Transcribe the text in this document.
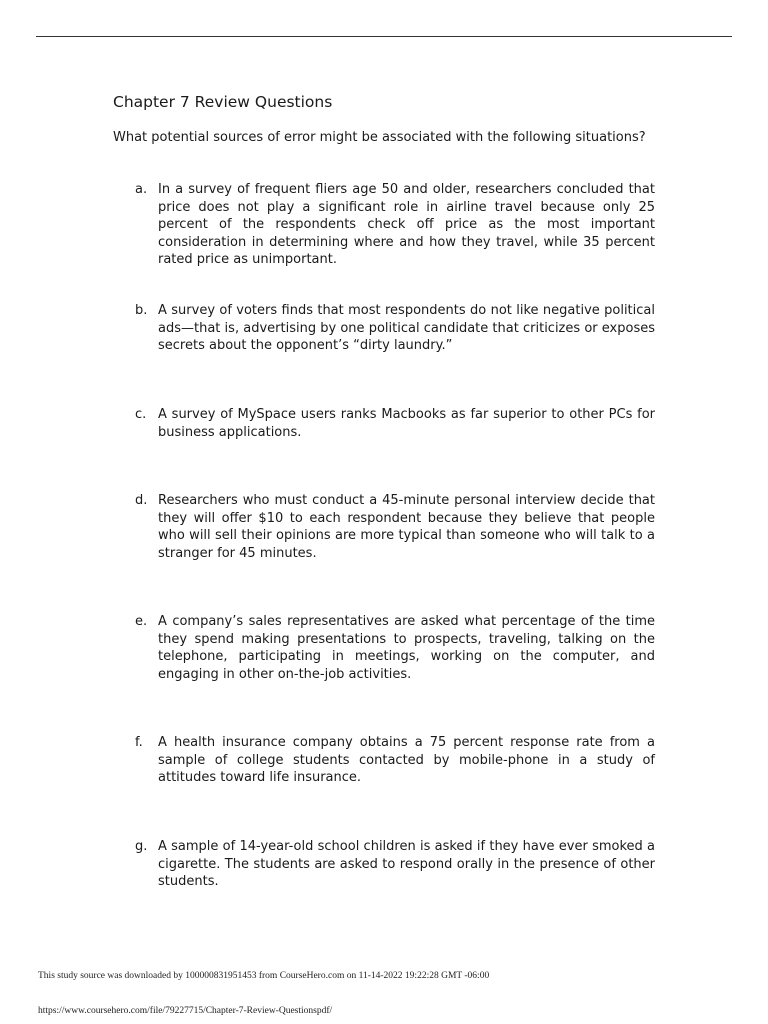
Chapter 7 Review Questions

What potential sources of error might be associated with the following situations?

a. In a survey of frequent fliers age 50 and older, researchers concluded that price does not play a significant role in airline travel because only 25 percent of the respondents check off price as the most important consideration in determining where and how they travel, while 35 percent rated price as unimportant.
b. A survey of voters finds that most respondents do not like negative political ads—that is, advertising by one political candidate that criticizes or exposes secrets about the opponent’s “dirty laundry.”
c. A survey of MySpace users ranks Macbooks as far superior to other PCs for business applications.
d. Researchers who must conduct a 45-minute personal interview decide that they will offer $10 to each respondent because they believe that people who will sell their opinions are more typical than someone who will talk to a stranger for 45 minutes.
e. A company’s sales representatives are asked what percentage of the time they spend making presentations to prospects, traveling, talking on the telephone, participating in meetings, working on the computer, and engaging in other on-the-job activities.
f.	A health insurance company obtains a 75 percent response rate from a sample of college students contacted by mobile-phone in a study of attitudes toward life insurance.
g. A sample of 14-year-old school children is asked if they have ever smoked a cigarette. The students are asked to respond orally in the presence of other students.
This study source was downloaded by 100000831951453 from CourseHero.com on 11-14-2022 19:22:28 GMT -06:00
https://www.coursehero.com/file/79227715/Chapter-7-Review-Questionspdf/
